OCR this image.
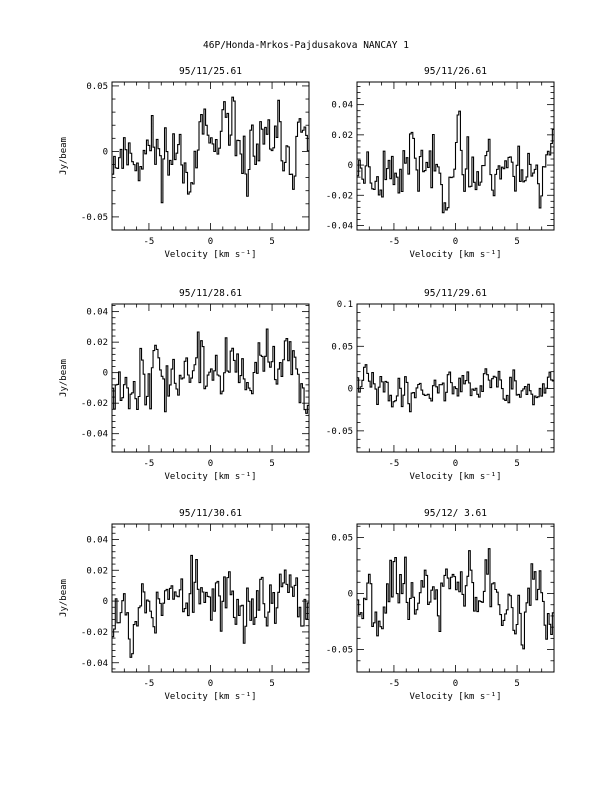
46P/Honda-Mrkos-Pajdusakova NANCAY 1
95/11/25.61
-5	0	5
-0.05
0
0.05
Velocity [km s⁻¹]
Jy/beam
95/11/26.61
-5	0	5
-0.04
-0.02
0
0.02
0.04
Velocity [km s⁻¹]
95/11/28.61
-5	0	5
-0.04
-0.02
0
0.02
0.04
Velocity [km s⁻¹]
Jy/beam
95/11/29.61
-5	0	5
-0.05
0
0.05
0.1
Velocity [km s⁻¹]
95/11/30.61
-5	0	5
-0.04
-0.02
0
0.02
0.04
Velocity [km s⁻¹]
Jy/beam
95/12/ 3.61
-5	0	5
-0.05
0
0.05
Velocity [km s⁻¹]
